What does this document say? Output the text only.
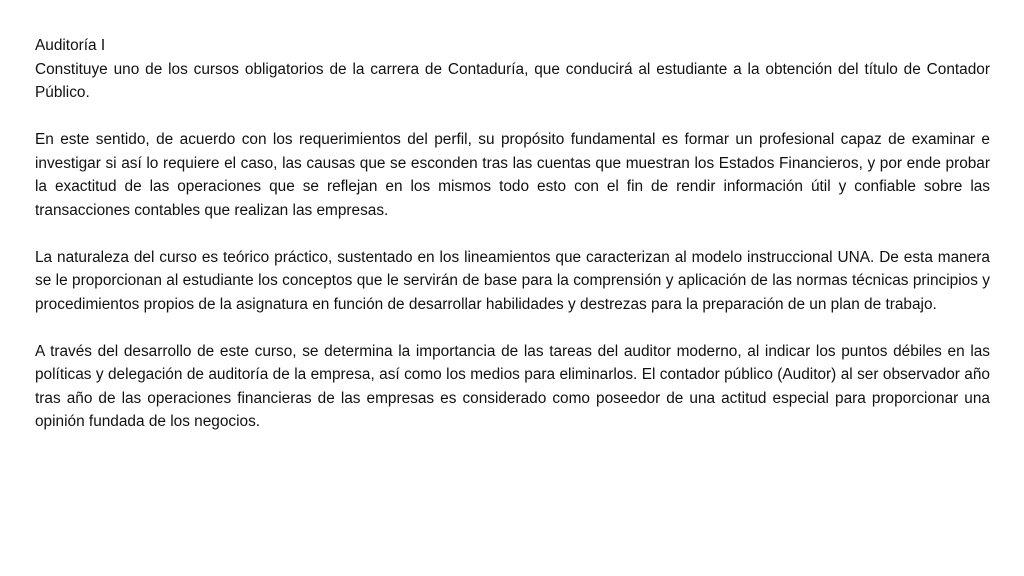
Auditoría I

Constituye uno de los cursos obligatorios de la carrera de Contaduría, que conducirá al estudiante a la obtención del título de Contador Público.

En este sentido, de acuerdo con los requerimientos del perfil, su propósito fundamental es formar un profesional capaz de examinar e investigar si así lo requiere el caso, las causas que se esconden tras las cuentas que muestran los Estados Financieros, y por ende probar la exactitud de las operaciones que se reflejan en los mismos todo esto con el fin de rendir información útil y confiable sobre las transacciones contables que realizan las empresas.

La naturaleza del curso es teórico práctico, sustentado en los lineamientos que caracterizan al modelo instruccional UNA. De esta manera se le proporcionan al estudiante los conceptos que le servirán de base para la comprensión y aplicación de las normas técnicas principios y procedimientos propios de la asignatura en función de desarrollar habilidades y destrezas para la preparación de un plan de trabajo.

A través del desarrollo de este curso, se determina la importancia de las tareas del auditor moderno, al indicar los puntos débiles en las políticas y delegación de auditoría de la empresa, así como los medios para eliminarlos. El contador público (Auditor) al ser observador año tras año de las operaciones financieras de las empresas es considerado como poseedor de una actitud especial para proporcionar una opinión fundada de los negocios.
